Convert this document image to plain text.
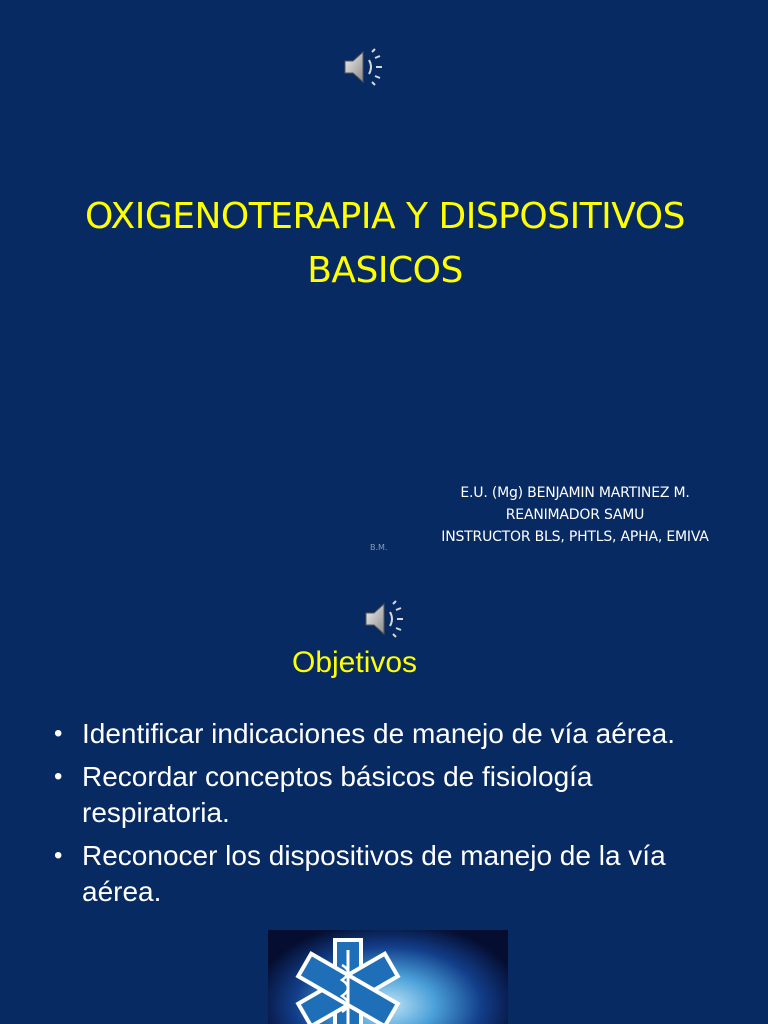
OXIGENOTERAPIA Y DISPOSITIVOS
BASICOS
E.U. (Mg) BENJAMIN MARTINEZ M.
REANIMADOR SAMU
INSTRUCTOR BLS, PHTLS, APHA, EMIVA
B.M.
Objetivos
• Identificar indicaciones de manejo de vía aérea.
• Recordar conceptos básicos de fisiología respiratoria.
• Reconocer los dispositivos de manejo de la vía aérea.
